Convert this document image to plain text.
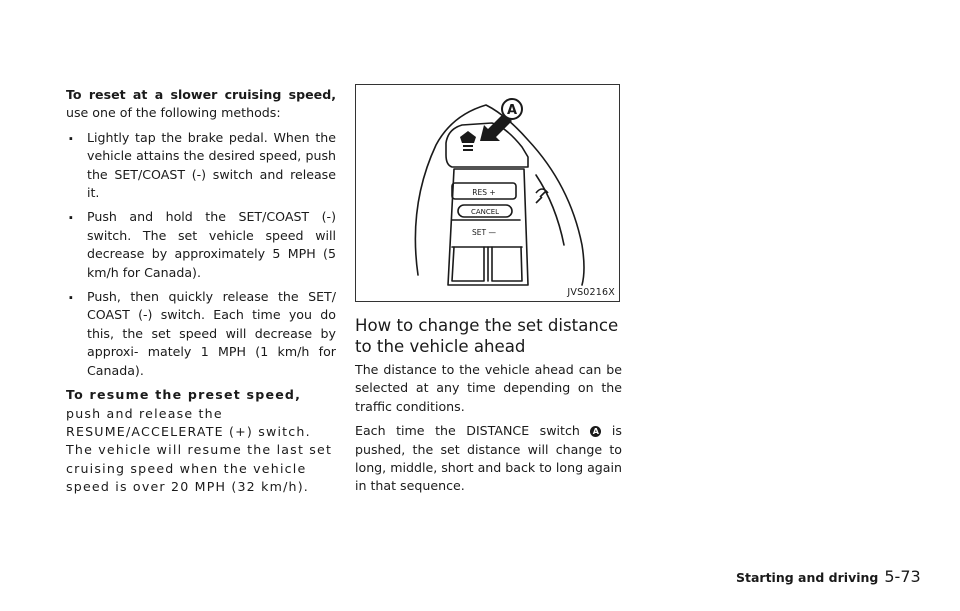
To reset at a slower cruising speed, use one of the following methods:

. Lightly tap the brake pedal. When the vehicle attains the desired speed, push the SET/COAST (-) switch and release it.
. Push and hold the SET/COAST (-) switch. The set vehicle speed will decrease by approximately 5 MPH (5 km/h for Canada).
. Push, then quickly release the SET/ COAST (-) switch. Each time you do this, the set speed will decrease by approxi- mately 1 MPH (1 km/h for Canada).

To resume the preset speed, push and release the RESUME/ACCELERATE (+) switch. The vehicle will resume the last set cruising speed when the vehicle speed is over 20 MPH (32 km/h).

A
RES +
CANCEL
SET —
JVS0216X
How to change the set distance to the vehicle ahead

The distance to the vehicle ahead can be selected at any time depending on the traffic conditions.

Each time the DISTANCE switch A is pushed, the set distance will change to long, middle, short and back to long again in that sequence.

Starting and driving 5-73
